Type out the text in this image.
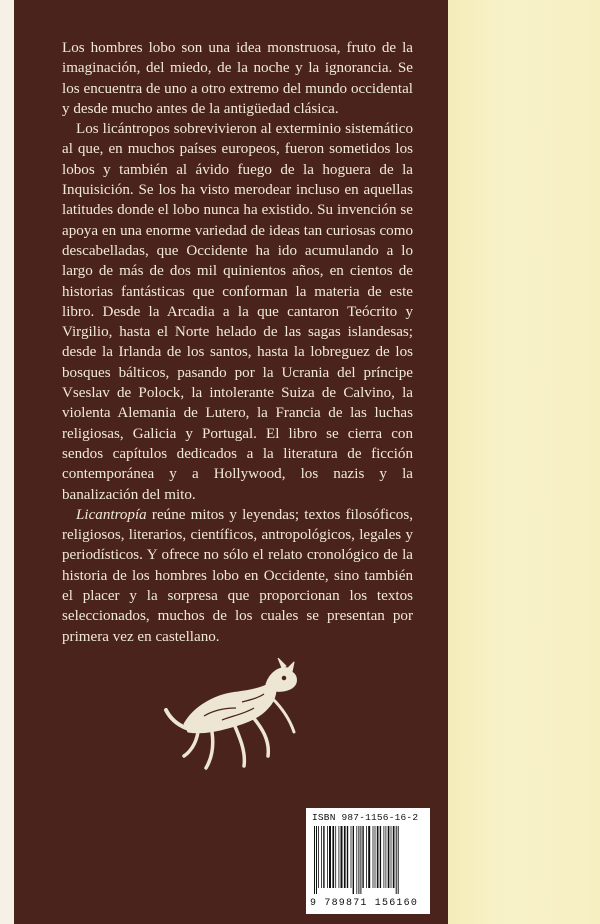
Los hombres lobo son una idea monstruosa, fruto de la imaginación, del miedo, de la noche y la ignorancia. Se los encuentra de uno a otro extremo del mundo occidental y desde mucho antes de la antigüedad clásica.

Los licántropos sobrevivieron al exterminio sistemático al que, en muchos países europeos, fueron sometidos los lobos y también al ávido fuego de la hoguera de la Inquisición. Se los ha visto merodear incluso en aquellas latitudes donde el lobo nunca ha existido. Su invención se apoya en una enorme variedad de ideas tan curiosas como descabelladas, que Occidente ha ido acumulando a lo largo de más de dos mil quinientos años, en cientos de historias fantásticas que conforman la materia de este libro. Desde la Arcadia a la que cantaron Teócrito y Virgilio, hasta el Norte helado de las sagas islandesas; desde la Irlanda de los santos, hasta la lobreguez de los bosques bálticos, pasando por la Ucrania del príncipe Vseslav de Polock, la intolerante Suiza de Calvino, la violenta Alemania de Lutero, la Francia de las luchas religiosas, Galicia y Portugal. El libro se cierra con sendos capítulos dedicados a la literatura de ficción contemporánea y a Hollywood, los nazis y la banalización del mito.

Licantropía reúne mitos y leyendas; textos filosóficos, religiosos, literarios, científicos, antropológicos, legales y periodísticos. Y ofrece no sólo el relato cronológico de la historia de los hombres lobo en Occidente, sino también el placer y la sorpresa que proporcionan los textos seleccionados, muchos de los cuales se presentan por primera vez en castellano.

ISBN 987-1156-16-2
9 789871 156160
